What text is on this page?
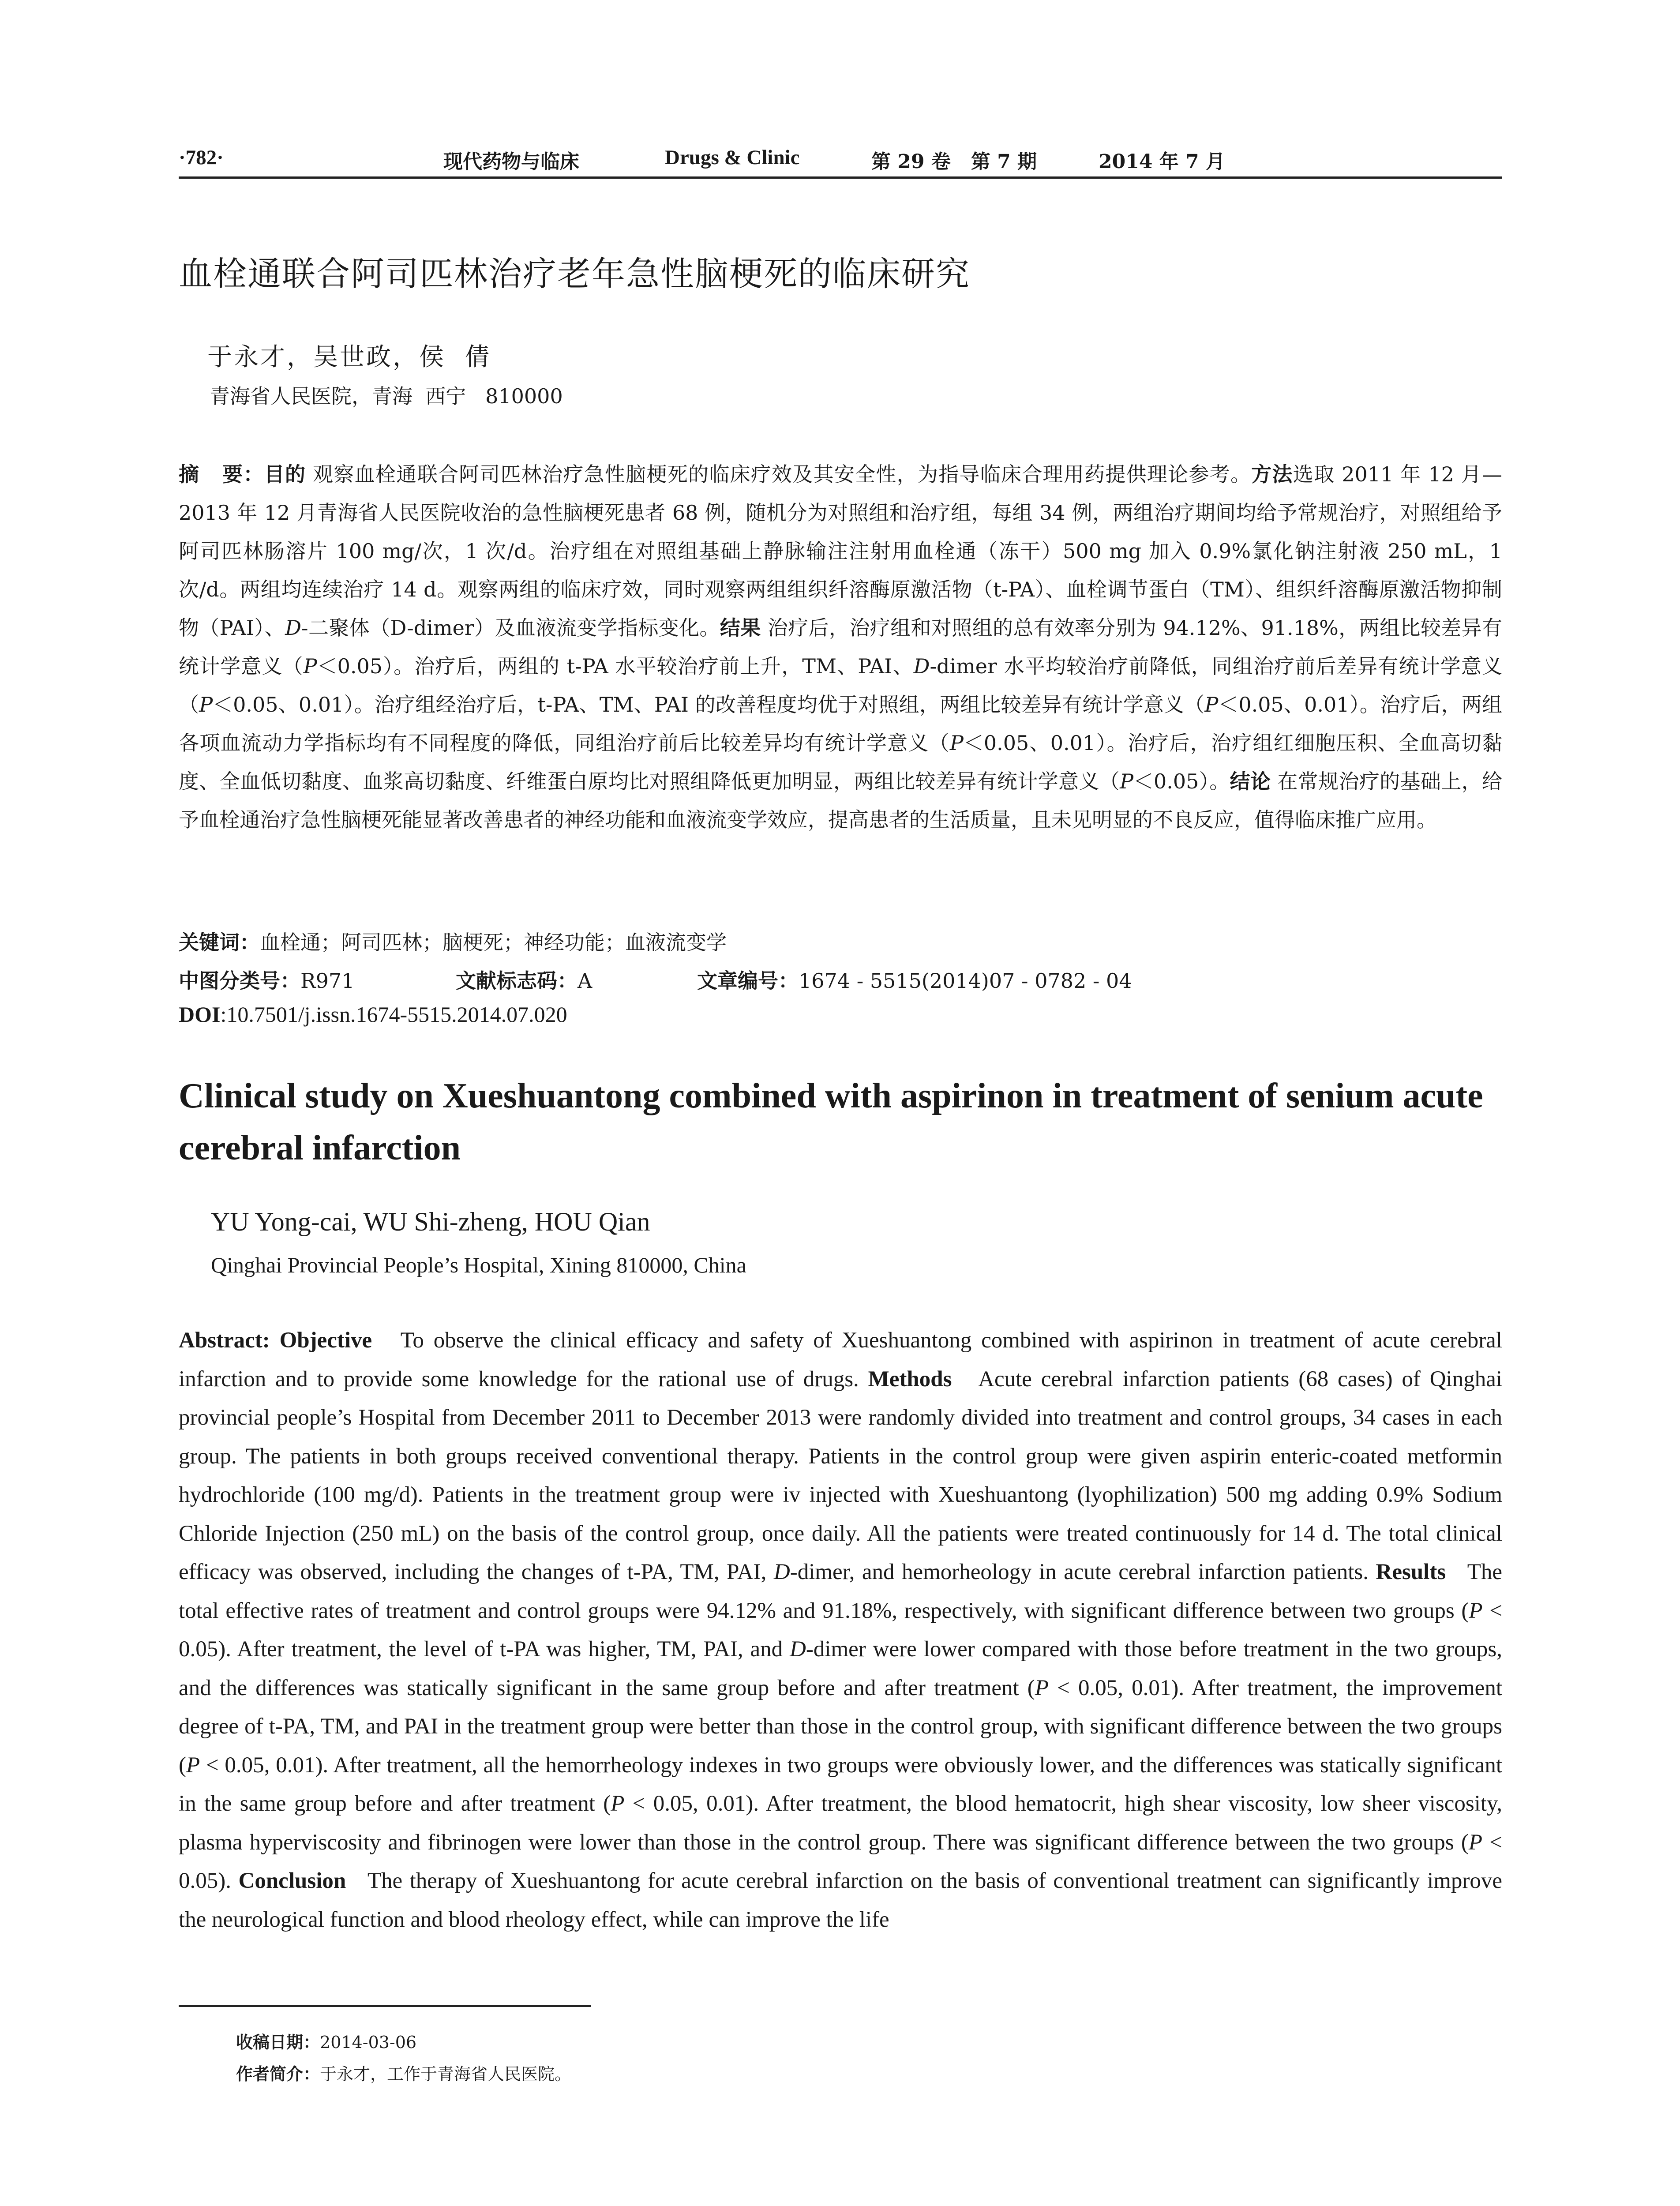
·782·	现代药物与临床	Drugs & Clinic	第 29 卷   第 7 期	2014 年 7 月
血栓通联合阿司匹林治疗老年急性脑梗死的临床研究
于永才，吴世政，侯  倩
青海省人民医院，青海  西宁   810000
摘   要：目的 观察血栓通联合阿司匹林治疗急性脑梗死的临床疗效及其安全性，为指导临床合理用药提供理论参考。方法选取 2011 年 12 月—2013 年 12 月青海省人民医院收治的急性脑梗死患者 68 例，随机分为对照组和治疗组，每组 34 例，两组治疗期间均给予常规治疗，对照组给予阿司匹林肠溶片 100 mg/次，1 次/d。治疗组在对照组基础上静脉输注注射用血栓通（冻干）500 mg 加入 0.9%氯化钠注射液 250 mL，1 次/d。两组均连续治疗 14 d。观察两组的临床疗效，同时观察两组组织纤溶酶原激活物（t-PA）、血栓调节蛋白（TM）、组织纤溶酶原激活物抑制物（PAI）、D-二聚体（D-dimer）及血液流变学指标变化。结果 治疗后，治疗组和对照组的总有效率分别为 94.12%、91.18%，两组比较差异有统计学意义（P＜0.05）。治疗后，两组的 t-PA 水平较治疗前上升，TM、PAI、D-dimer 水平均较治疗前降低，同组治疗前后差异有统计学意义（P＜0.05、0.01）。治疗组经治疗后，t-PA、TM、PAI 的改善程度均优于对照组，两组比较差异有统计学意义（P＜0.05、0.01）。治疗后，两组各项血流动力学指标均有不同程度的降低，同组治疗前后比较差异均有统计学意义（P＜0.05、0.01）。治疗后，治疗组红细胞压积、全血高切黏度、全血低切黏度、血浆高切黏度、纤维蛋白原均比对照组降低更加明显，两组比较差异有统计学意义（P＜0.05）。结论 在常规治疗的基础上，给予血栓通治疗急性脑梗死能显著改善患者的神经功能和血液流变学效应，提高患者的生活质量，且未见明显的不良反应，值得临床推广应用。
关键词：血栓通；阿司匹林；脑梗死；神经功能；血液流变学
中图分类号：R971	文献标志码：A	文章编号：1674 - 5515(2014)07 - 0782 - 04
DOI:10.7501/j.issn.1674-5515.2014.07.020
Clinical study on Xueshuantong combined with aspirinon in treatment of senium acute cerebral infarction
YU Yong-cai, WU Shi-zheng, HOU Qian
Qinghai Provincial People’s Hospital, Xining 810000, China
Abstract: Objective To observe the clinical efficacy and safety of Xueshuantong combined with aspirinon in treatment of acute cerebral infarction and to provide some knowledge for the rational use of drugs. Methods Acute cerebral infarction patients (68 cases) of Qinghai provincial people’s Hospital from December 2011 to December 2013 were randomly divided into treatment and control groups, 34 cases in each group. The patients in both groups received conventional therapy. Patients in the control group were given aspirin enteric-coated metformin hydrochloride (100 mg/d). Patients in the treatment group were iv injected with Xueshuantong (lyophilization) 500 mg adding 0.9% Sodium Chloride Injection (250 mL) on the basis of the control group, once daily. All the patients were treated continuously for 14 d. The total clinical efficacy was observed, including the changes of t-PA, TM, PAI, D-dimer, and hemorheology in acute cerebral infarction patients. Results The total effective rates of treatment and control groups were 94.12% and 91.18%, respectively, with significant difference between two groups (P < 0.05). After treatment, the level of t-PA was higher, TM, PAI, and D-dimer were lower compared with those before treatment in the two groups, and the differences was statically significant in the same group before and after treatment (P < 0.05, 0.01). After treatment, the improvement degree of t-PA, TM, and PAI in the treatment group were better than those in the control group, with significant difference between the two groups (P < 0.05, 0.01). After treatment, all the hemorrheology indexes in two groups were obviously lower, and the differences was statically significant in the same group before and after treatment (P < 0.05, 0.01). After treatment, the blood hematocrit, high shear viscosity, low sheer viscosity, plasma hyperviscosity and fibrinogen were lower than those in the control group. There was significant difference between the two groups (P < 0.05). Conclusion The therapy of Xueshuantong for acute cerebral infarction on the basis of conventional treatment can significantly improve the neurological function and blood rheology effect, while can improve the life
收稿日期：2014-03-06
作者简介：于永才，工作于青海省人民医院。
